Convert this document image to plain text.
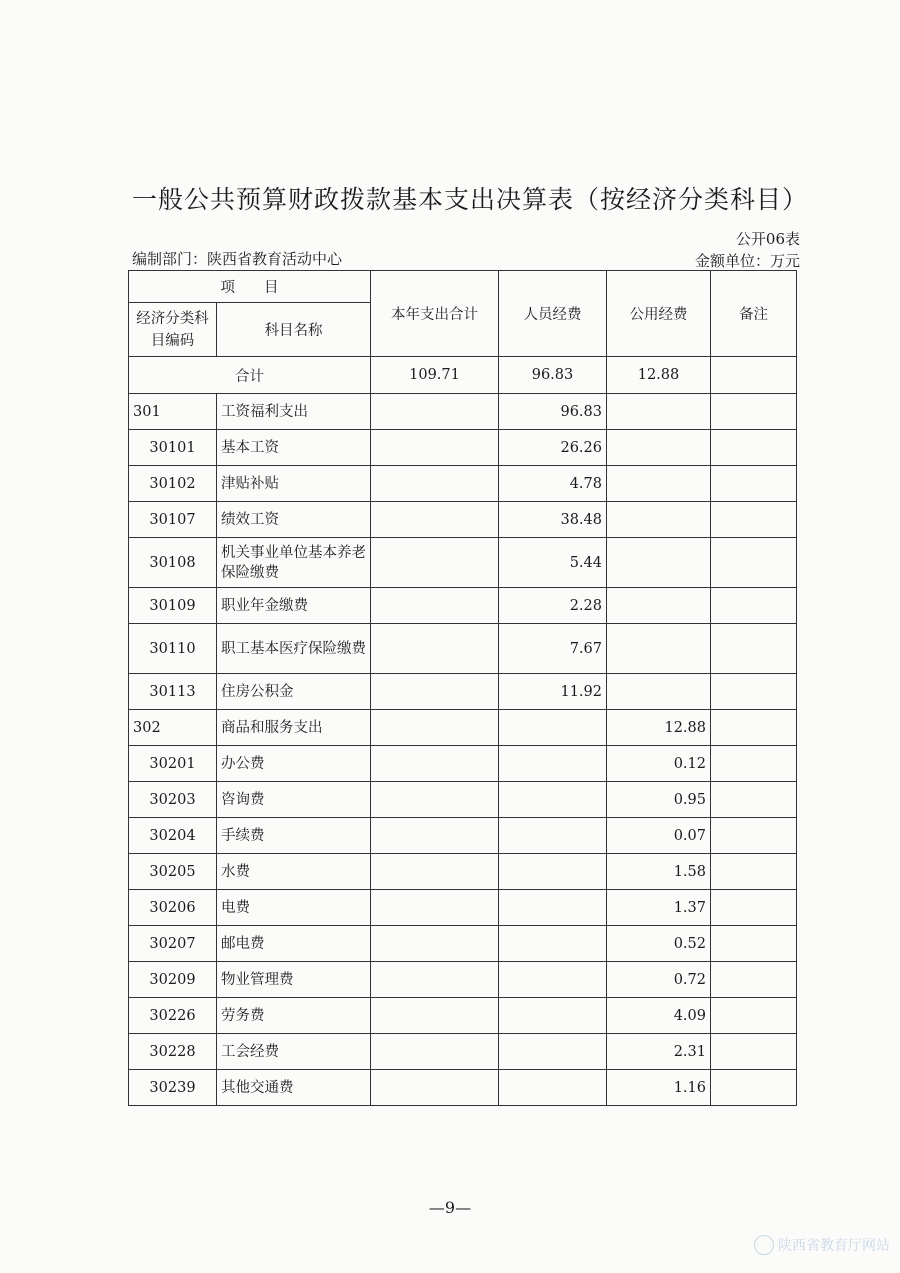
一般公共预算财政拨款基本支出决算表（按经济分类科目）
公开06表
编制部门：陕西省教育活动中心	金额单位：万元
项　　目		本年支出合计	人员经费	公用经费	备注
经济分类科目编码	科目名称				
合计		109.71	96.83	12.88	
301	工资福利支出		96.83		
30101	基本工资		26.26		
30102	津贴补贴		4.78		
30107	绩效工资		38.48		
30108	机关事业单位基本养老保险缴费		5.44		
30109	职业年金缴费		2.28		
30110	职工基本医疗保险缴费		7.67		
30113	住房公积金		11.92		
302	商品和服务支出			12.88	
30201	办公费			0.12	
30203	咨询费			0.95	
30204	手续费			0.07	
30205	水费			1.58	
30206	电费			1.37	
30207	邮电费			0.52	
30209	物业管理费			0.72	
30226	劳务费			4.09	
30228	工会经费			2.31	
30239	其他交通费			1.16	
—9—
陕西省教育厅网站
